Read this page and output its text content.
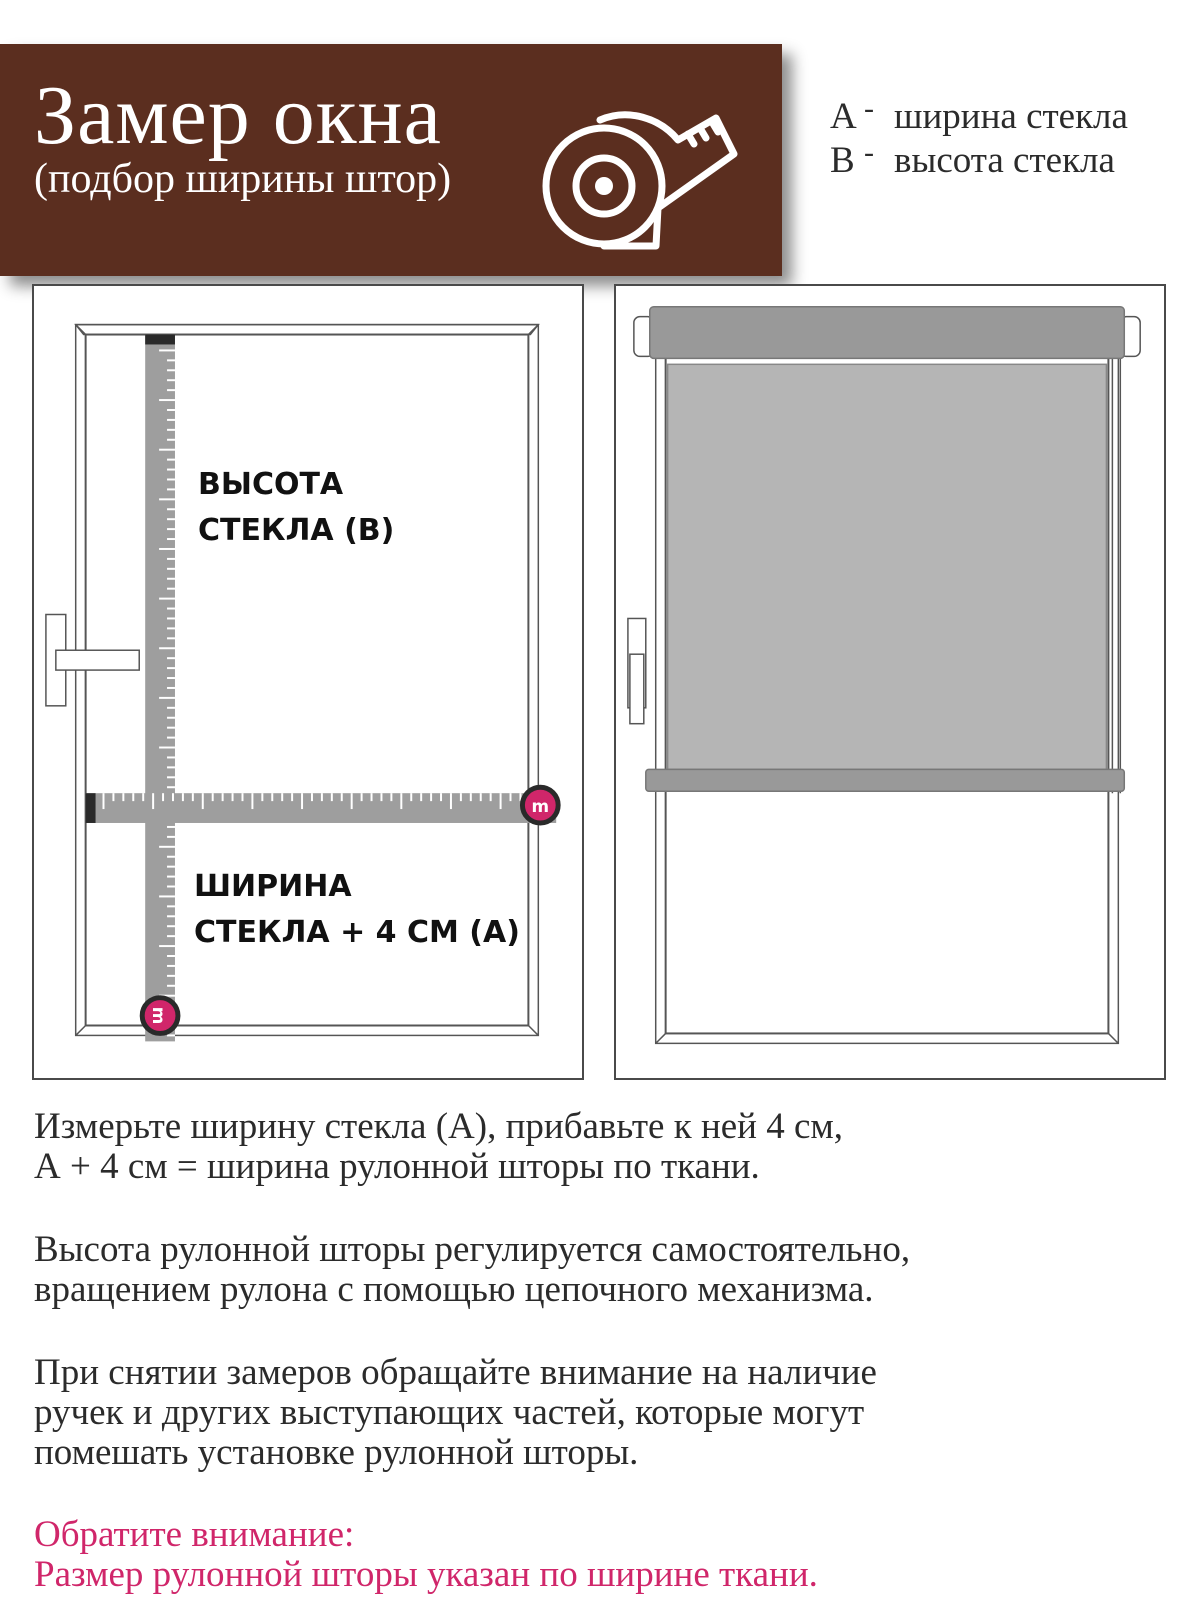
Замер окна
(подбор ширины штор)
А - ширина стекла
В - высота стекла
m
m
ВЫСОТА
СТЕКЛА (В)
ШИРИНА
СТЕКЛА + 4 СМ (А)
Измерьте ширину стекла (А), прибавьте к ней 4 см,
А + 4 см = ширина рулонной шторы по ткани.
Высота рулонной шторы регулируется самостоятельно,
вращением рулона с помощью цепочного механизма.
При снятии замеров обращайте внимание на наличие
ручек и других выступающих частей, которые могут
помешать установке рулонной шторы.
Обратите внимание:
Размер рулонной шторы указан по ширине ткани.
